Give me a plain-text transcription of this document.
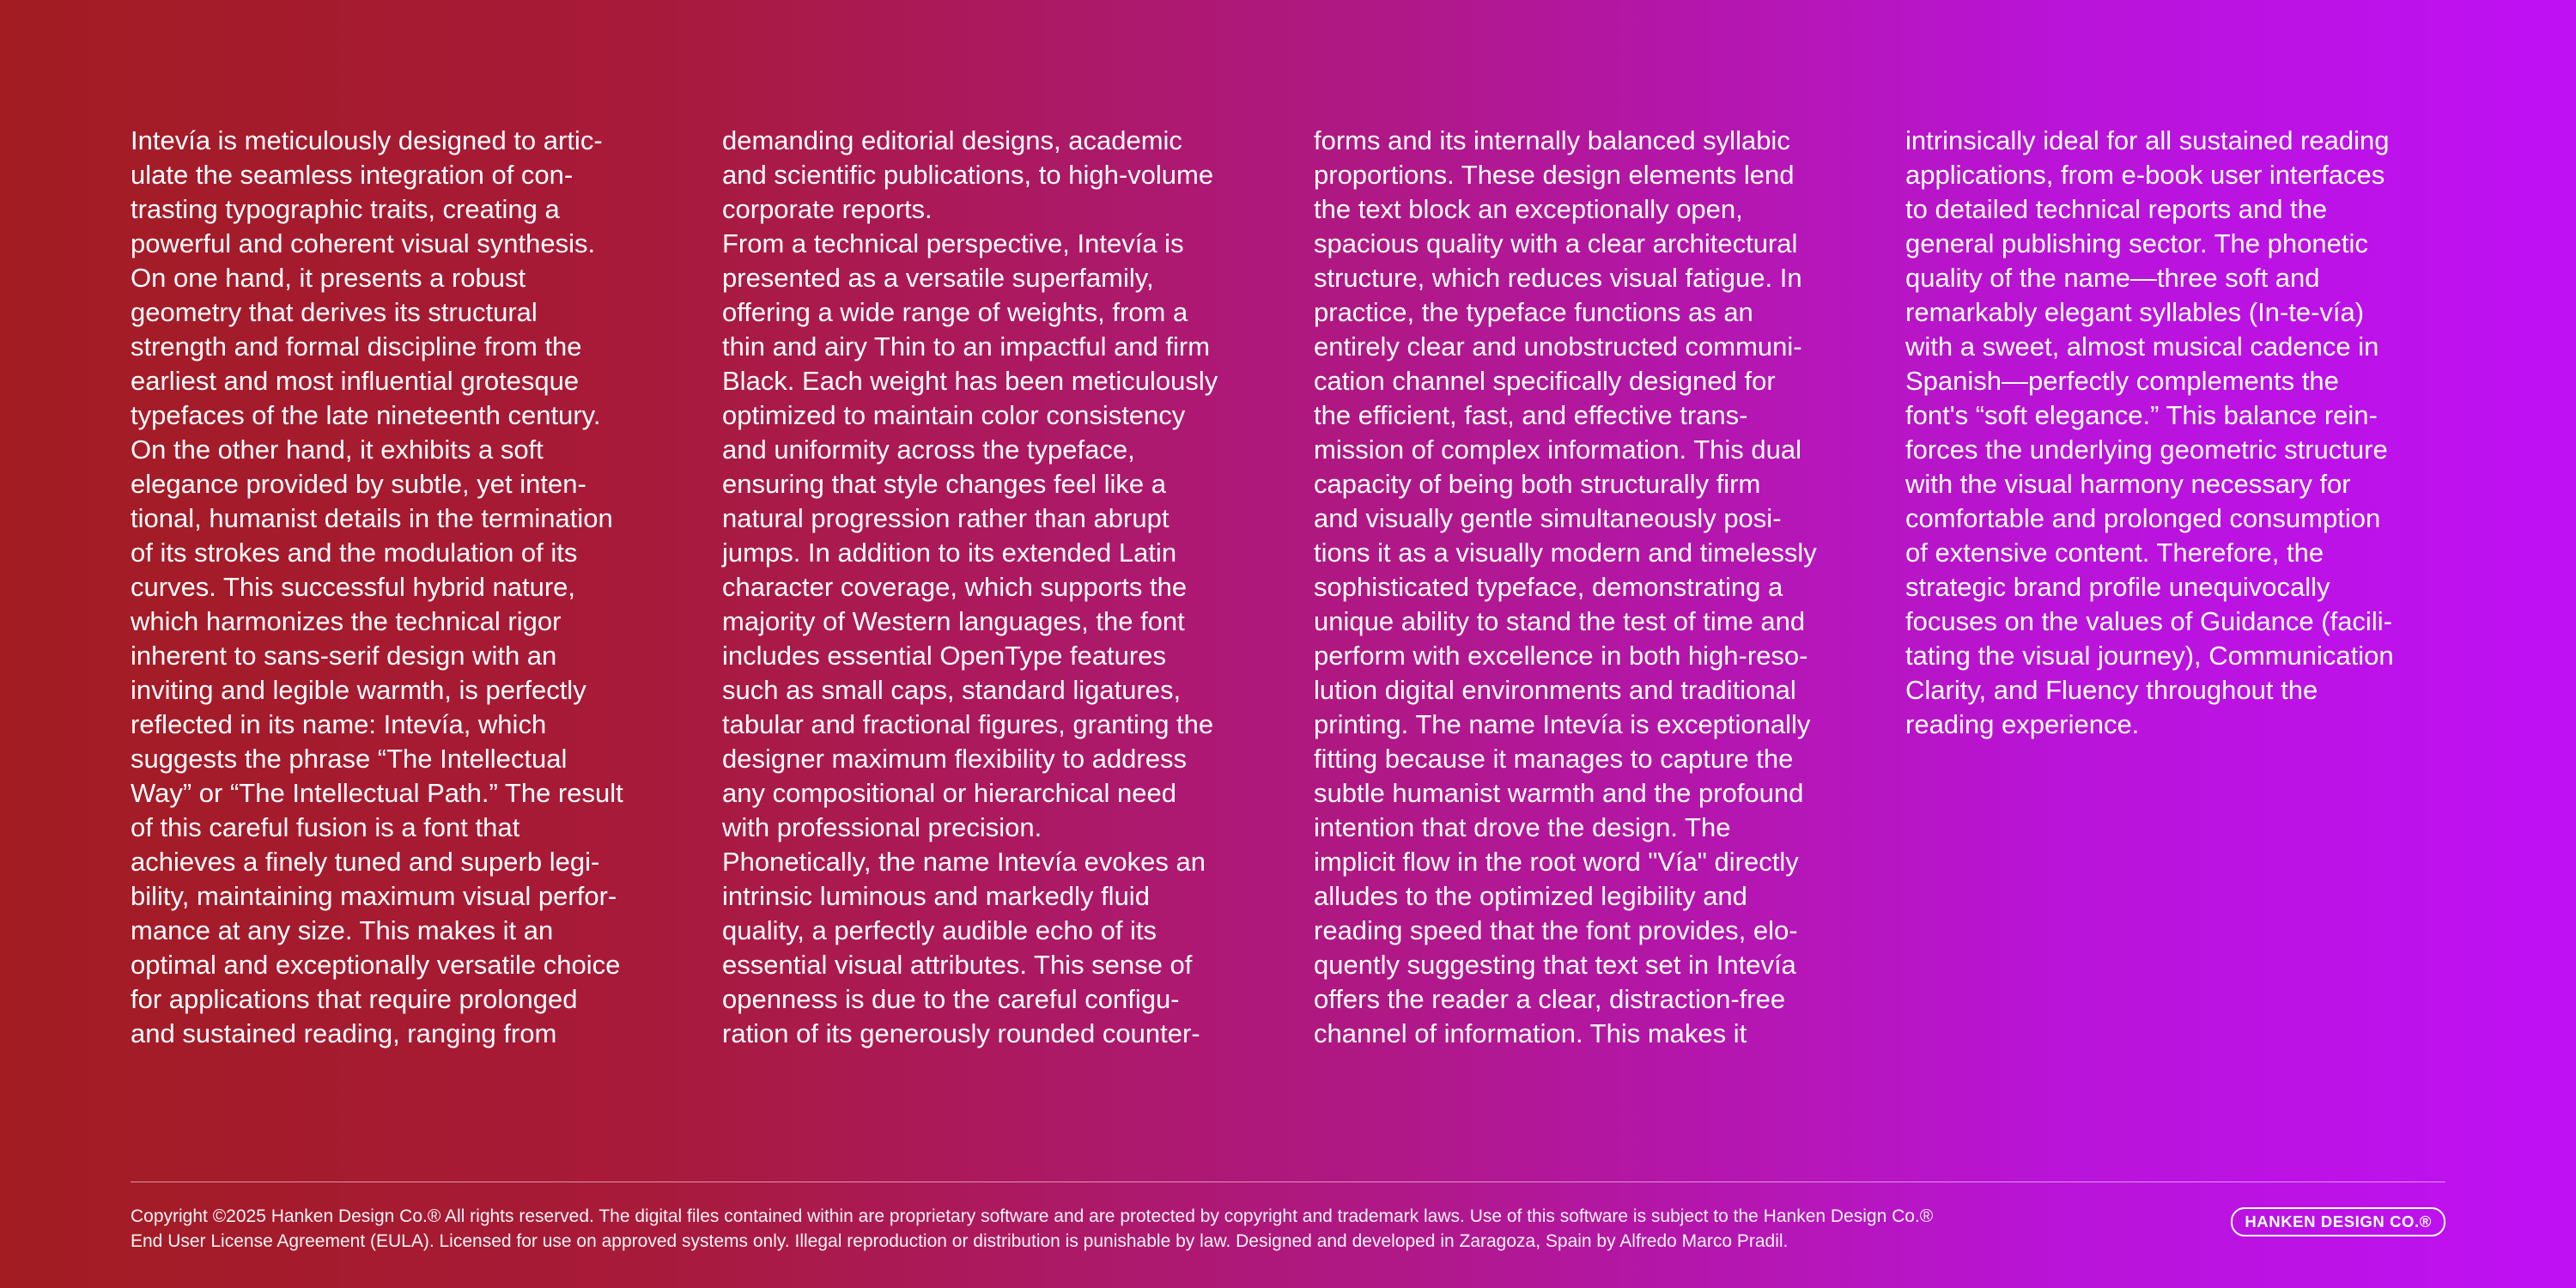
Intevía is meticulously designed to artic-
ulate the seamless integration of con-
trasting typographic traits, creating a
powerful and coherent visual synthesis.
On one hand, it presents a robust
geometry that derives its structural
strength and formal discipline from the
earliest and most influential grotesque
typefaces of the late nineteenth century.
On the other hand, it exhibits a soft
elegance provided by subtle, yet inten-
tional, humanist details in the termination
of its strokes and the modulation of its
curves. This successful hybrid nature,
which harmonizes the technical rigor
inherent to sans-serif design with an
inviting and legible warmth, is perfectly
reflected in its name: Intevía, which
suggests the phrase “The Intellectual
Way” or “The Intellectual Path.” The result
of this careful fusion is a font that
achieves a finely tuned and superb legi-
bility, maintaining maximum visual perfor-
mance at any size. This makes it an
optimal and exceptionally versatile choice
for applications that require prolonged
and sustained reading, ranging from
demanding editorial designs, academic
and scientific publications, to high-volume
corporate reports.
From a technical perspective, Intevía is
presented as a versatile superfamily,
offering a wide range of weights, from a
thin and airy Thin to an impactful and firm
Black. Each weight has been meticulously
optimized to maintain color consistency
and uniformity across the typeface,
ensuring that style changes feel like a
natural progression rather than abrupt
jumps. In addition to its extended Latin
character coverage, which supports the
majority of Western languages, the font
includes essential OpenType features
such as small caps, standard ligatures,
tabular and fractional figures, granting the
designer maximum flexibility to address
any compositional or hierarchical need
with professional precision.
Phonetically, the name Intevía evokes an
intrinsic luminous and markedly fluid
quality, a perfectly audible echo of its
essential visual attributes. This sense of
openness is due to the careful configu-
ration of its generously rounded counter-
forms and its internally balanced syllabic
proportions. These design elements lend
the text block an exceptionally open,
spacious quality with a clear architectural
structure, which reduces visual fatigue. In
practice, the typeface functions as an
entirely clear and unobstructed communi-
cation channel specifically designed for
the efficient, fast, and effective trans-
mission of complex information. This dual
capacity of being both structurally firm
and visually gentle simultaneously posi-
tions it as a visually modern and timelessly
sophisticated typeface, demonstrating a
unique ability to stand the test of time and
perform with excellence in both high-reso-
lution digital environments and traditional
printing. The name Intevía is exceptionally
fitting because it manages to capture the
subtle humanist warmth and the profound
intention that drove the design. The
implicit flow in the root word "Vía" directly
alludes to the optimized legibility and
reading speed that the font provides, elo-
quently suggesting that text set in Intevía
offers the reader a clear, distraction-free
channel of information. This makes it
intrinsically ideal for all sustained reading
applications, from e-book user interfaces
to detailed technical reports and the
general publishing sector. The phonetic
quality of the name—three soft and
remarkably elegant syllables (In-te-vía)
with a sweet, almost musical cadence in
Spanish—perfectly complements the
font's “soft elegance.” This balance rein-
forces the underlying geometric structure
with the visual harmony necessary for
comfortable and prolonged consumption
of extensive content. Therefore, the
strategic brand profile unequivocally
focuses on the values of Guidance (facili-
tating the visual journey), Communication
Clarity, and Fluency throughout the
reading experience.
Copyright ©2025 Hanken Design Co.® All rights reserved. The digital files contained within are proprietary software and are protected by copyright and trademark laws. Use of this software is subject to the Hanken Design Co.®
End User License Agreement (EULA). Licensed for use on approved systems only. Illegal reproduction or distribution is punishable by law. Designed and developed in Zaragoza, Spain by Alfredo Marco Pradil.
HANKEN DESIGN CO.®
